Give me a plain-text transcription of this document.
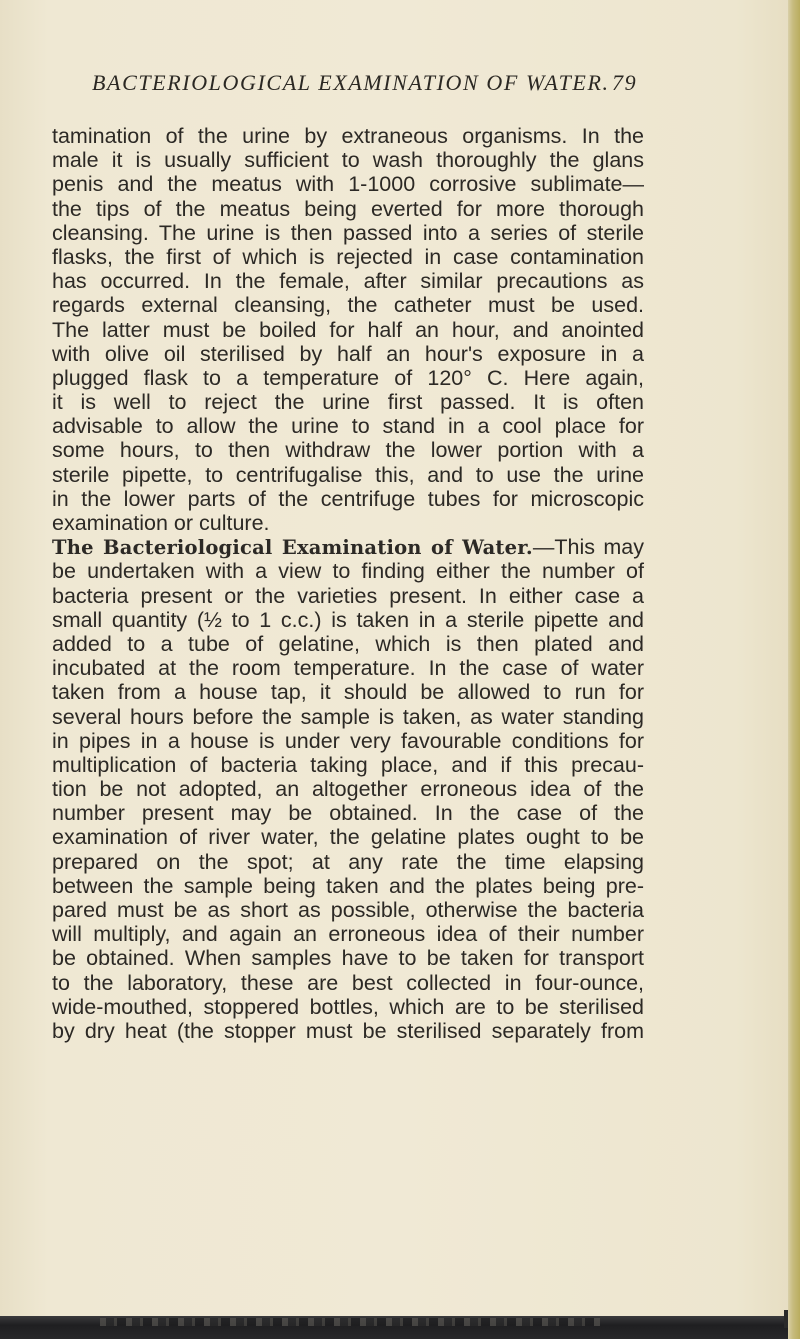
BACTERIOLOGICAL EXAMINATION OF WATER. 79
tamination of the urine by extraneous organisms. In the
male it is usually sufficient to wash thoroughly the glans
penis and the meatus with 1-1000 corrosive sublimate—
the tips of the meatus being everted for more thorough
cleansing. The urine is then passed into a series of sterile
flasks, the first of which is rejected in case contamination
has occurred. In the female, after similar precautions as
regards external cleansing, the catheter must be used.
The latter must be boiled for half an hour, and anointed
with olive oil sterilised by half an hour's exposure in a
plugged flask to a temperature of 120° C. Here again,
it is well to reject the urine first passed. It is often
advisable to allow the urine to stand in a cool place for
some hours, to then withdraw the lower portion with a
sterile pipette, to centrifugalise this, and to use the urine
in the lower parts of the centrifuge tubes for microscopic
examination or culture.
The Bacteriological Examination of Water.—This may
be undertaken with a view to finding either the number of
bacteria present or the varieties present. In either case a
small quantity (½ to 1 c.c.) is taken in a sterile pipette and
added to a tube of gelatine, which is then plated and
incubated at the room temperature. In the case of water
taken from a house tap, it should be allowed to run for
several hours before the sample is taken, as water standing
in pipes in a house is under very favourable conditions for
multiplication of bacteria taking place, and if this precau-
tion be not adopted, an altogether erroneous idea of the
number present may be obtained. In the case of the
examination of river water, the gelatine plates ought to be
prepared on the spot; at any rate the time elapsing
between the sample being taken and the plates being pre-
pared must be as short as possible, otherwise the bacteria
will multiply, and again an erroneous idea of their number
be obtained. When samples have to be taken for transport
to the laboratory, these are best collected in four-ounce,
wide-mouthed, stoppered bottles, which are to be sterilised
by dry heat (the stopper must be sterilised separately from
